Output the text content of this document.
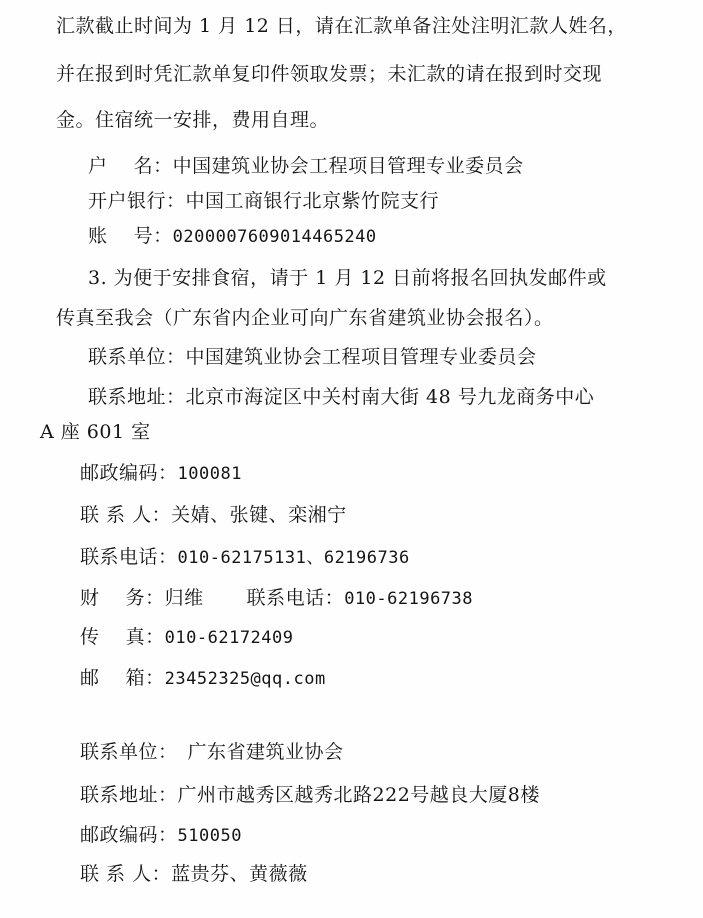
汇款截止时间为 1 月 12 日，请在汇款单备注处注明汇款人姓名，
并在报到时凭汇款单复印件领取发票；未汇款的请在报到时交现
金。住宿统一安排，费用自理。
户    名：中国建筑业协会工程项目管理专业委员会
开户银行：中国工商银行北京紫竹院支行
账    号：0200007609014465240
3. 为便于安排食宿，请于 1 月 12 日前将报名回执发邮件或
传真至我会（广东省内企业可向广东省建筑业协会报名）。
联系单位：中国建筑业协会工程项目管理专业委员会
联系地址：北京市海淀区中关村南大街 48 号九龙商务中心
A 座 601 室
邮政编码：100081
联 系 人：关婧、张键、栾湘宁
联系电话：010-62175131、62196736
财    务：归维 联系电话：010-62196738
传    真：010-62172409
邮    箱：23452325@qq.com
联系单位： 广东省建筑业协会
联系地址：广州市越秀区越秀北路222号越良大厦8楼
邮政编码：510050
联 系 人：蓝贵芬、黄薇薇
